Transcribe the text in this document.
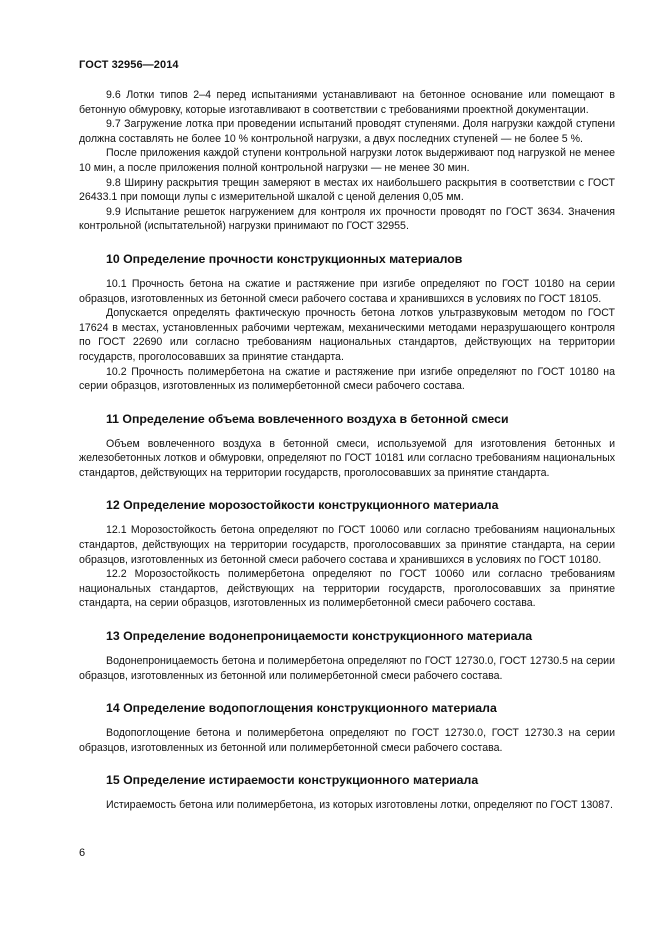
ГОСТ 32956—2014

9.6 Лотки типов 2–4 перед испытаниями устанавливают на бетонное основание или помещают в бетонную обмуровку, которые изготавливают в соответствии с требованиями проектной документации.

9.7 Загружение лотка при проведении испытаний проводят ступенями. Доля нагрузки каждой ступени должна составлять не более 10 % контрольной нагрузки, а двух последних ступеней — не более 5 %.

После приложения каждой ступени контрольной нагрузки лоток выдерживают под нагрузкой не менее 10 мин, а после приложения полной контрольной нагрузки — не менее 30 мин.

9.8 Ширину раскрытия трещин замеряют в местах их наибольшего раскрытия в соответствии с ГОСТ 26433.1 при помощи лупы с измерительной шкалой с ценой деления 0,05 мм.

9.9 Испытание решеток нагружением для контроля их прочности проводят по ГОСТ 3634. Значения контрольной (испытательной) нагрузки принимают по ГОСТ 32955.

10 Определение прочности конструкционных материалов

10.1 Прочность бетона на сжатие и растяжение при изгибе определяют по ГОСТ 10180 на серии образцов, изготовленных из бетонной смеси рабочего состава и хранившихся в условиях по ГОСТ 18105.

Допускается определять фактическую прочность бетона лотков ультразвуковым методом по ГОСТ 17624 в местах, установленных рабочими чертежам, механическими методами неразрушающего контроля по ГОСТ 22690 или согласно требованиям национальных стандартов, действующих на территории государств, проголосовавших за принятие стандарта.

10.2 Прочность полимербетона на сжатие и растяжение при изгибе определяют по ГОСТ 10180 на серии образцов, изготовленных из полимербетонной смеси рабочего состава.

11 Определение объема вовлеченного воздуха в бетонной смеси

Объем вовлеченного воздуха в бетонной смеси, используемой для изготовления бетонных и железобетонных лотков и обмуровки, определяют по ГОСТ 10181 или согласно требованиям национальных стандартов, действующих на территории государств, проголосовавших за принятие стандарта.

12 Определение морозостойкости конструкционного материала

12.1 Морозостойкость бетона определяют по ГОСТ 10060 или согласно требованиям национальных стандартов, действующих на территории государств, проголосовавших за принятие стандарта, на серии образцов, изготовленных из бетонной смеси рабочего состава и хранившихся в условиях по ГОСТ 10180.

12.2 Морозостойкость полимербетона определяют по ГОСТ 10060 или согласно требованиям национальных стандартов, действующих на территории государств, проголосовавших за принятие стандарта, на серии образцов, изготовленных из полимербетонной смеси рабочего состава.

13 Определение водонепроницаемости конструкционного материала

Водонепроницаемость бетона и полимербетона определяют по ГОСТ 12730.0, ГОСТ 12730.5 на серии образцов, изготовленных из бетонной или полимербетонной смеси рабочего состава.

14 Определение водопоглощения конструкционного материала

Водопоглощение бетона и полимербетона определяют по ГОСТ 12730.0, ГОСТ 12730.3 на серии образцов, изготовленных из бетонной или полимербетонной смеси рабочего состава.

15 Определение истираемости конструкционного материала

Истираемость бетона или полимербетона, из которых изготовлены лотки, определяют по ГОСТ 13087.

6
